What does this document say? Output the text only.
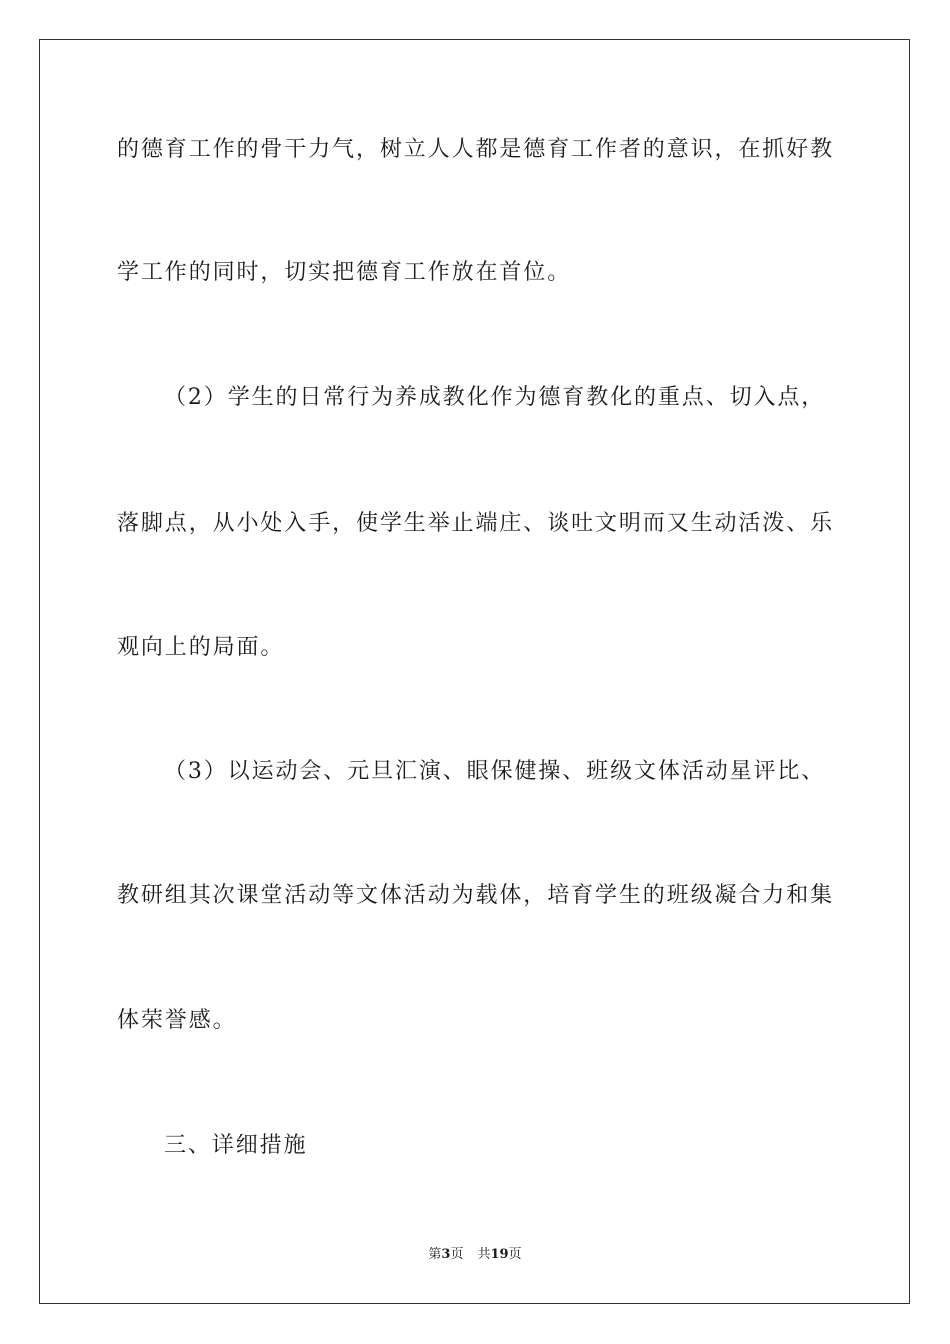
的德育工作的骨干力气，树立人人都是德育工作者的意识，在抓好教
学工作的同时，切实把德育工作放在首位。
（2）学生的日常行为养成教化作为德育教化的重点、切入点，
落脚点，从小处入手，使学生举止端庄、谈吐文明而又生动活泼、乐
观向上的局面。
（3）以运动会、元旦汇演、眼保健操、班级文体活动星评比、
教研组其次课堂活动等文体活动为载体，培育学生的班级凝合力和集
体荣誉感。
三、详细措施
第3页 共19页
